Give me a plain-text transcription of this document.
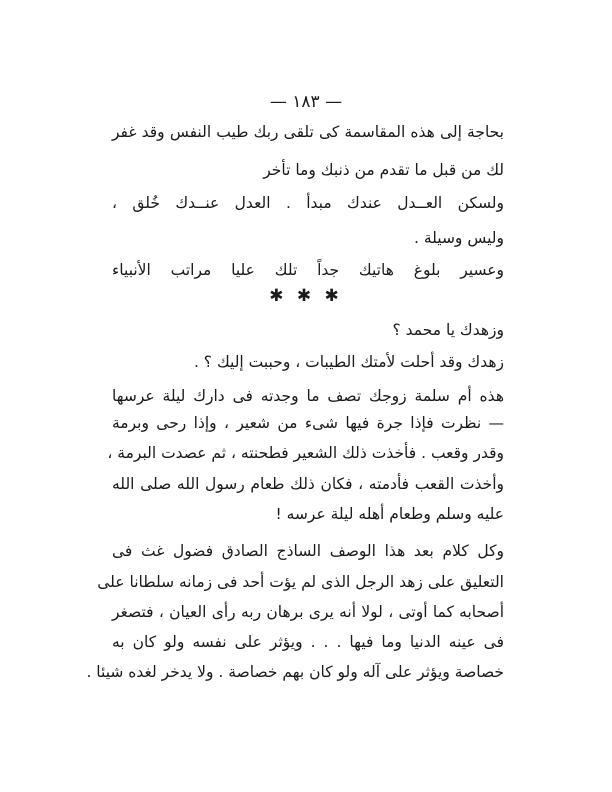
— ١٨٣ —
بحاجة إلى هذه المقاسمة كى تلقى ربك طيب النفس وقد غفر
لك من قبل ما تقدم من ذنبك وما تأخر
ولسكن العــدل عندك مبدأ . العدل عنــدك خُلق ،
وليس وسيلة .
وعسير بلوغ هاتيك جداً تلك عليا مراتب الأنبياء
✱ ✱ ✱
وزهدك يا محمد ؟
زهدك وقد أحلت لأمتك الطيبات ، وحببت إليك ؟ .
هذه أم سلمة زوجك تصف ما وجدته فى دارك ليلة عرسها
— نظرت فإذا جرة فيها شىء من شعير ، وإذا رحى وبرمة
وقدر وقعب . فأخذت ذلك الشعير فطحنته ، ثم عصدت البرمة ،
وأخذت القعب فأدمته ، فكان ذلك طعام رسول الله صلى الله
عليه وسلم وطعام أهله ليلة عرسه !
وكل كلام بعد هذا الوصف الساذج الصادق فضول غث فى
التعليق على زهد الرجل الذى لم يؤت أحد فى زمانه سلطانا على
أصحابه كما أوتى ، لولا أنه يرى برهان ربه رأى العيان ، فتصغر
فى عينه الدنيا وما فيها . . . ويؤثر على نفسه ولو كان به
خصاصة ويؤثر على آله ولو كان بهم خصاصة . ولا يدخر لغده شيئا .
